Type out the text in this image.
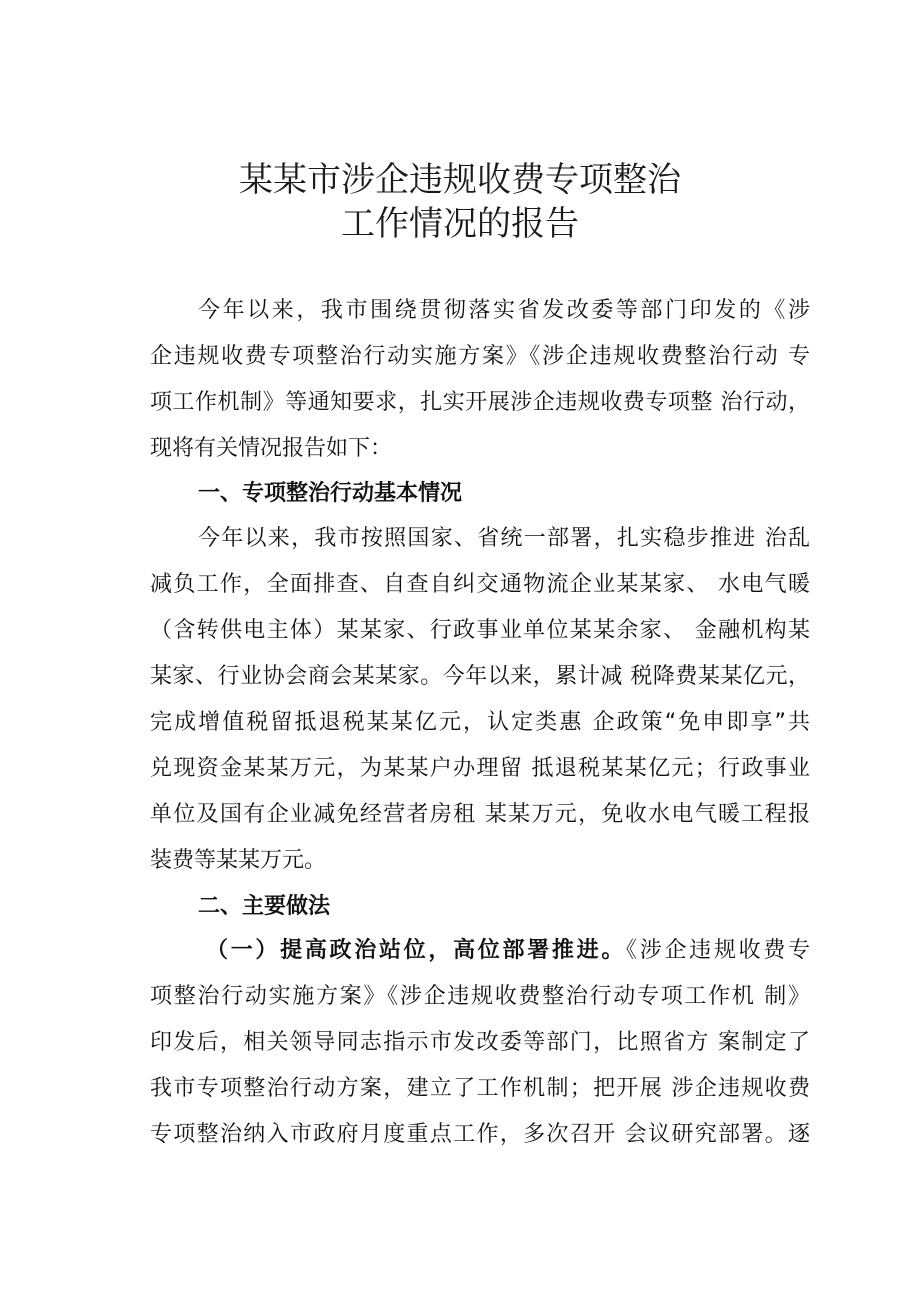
某某市涉企违规收费专项整治
工作情况的报告
今年以来，我市围绕贯彻落实省发改委等部门印发的《涉
企违规收费专项整治行动实施方案》《涉企违规收费整治行动 专
项工作机制》等通知要求，扎实开展涉企违规收费专项整 治行动，
现将有关情况报告如下：
一、专项整治行动基本情况
今年以来，我市按照国家、省统一部署，扎实稳步推进 治乱
减负工作，全面排查、自查自纠交通物流企业某某家、 水电气暖
（含转供电主体）某某家、行政事业单位某某余家、 金融机构某
某家、行业协会商会某某家。今年以来，累计减 税降费某某亿元，
完成增值税留抵退税某某亿元，认定类惠 企政策“免申即享”共
兑现资金某某万元，为某某户办理留 抵退税某某亿元；行政事业
单位及国有企业减免经营者房租 某某万元，免收水电气暖工程报
装费等某某万元。
二、主要做法
（一）提高政治站位，高位部署推进。《涉企违规收费专
项整治行动实施方案》《涉企违规收费整治行动专项工作机 制》
印发后，相关领导同志指示市发改委等部门，比照省方 案制定了
我市专项整治行动方案，建立了工作机制；把开展 涉企违规收费
专项整治纳入市政府月度重点工作，多次召开 会议研究部署。逐
